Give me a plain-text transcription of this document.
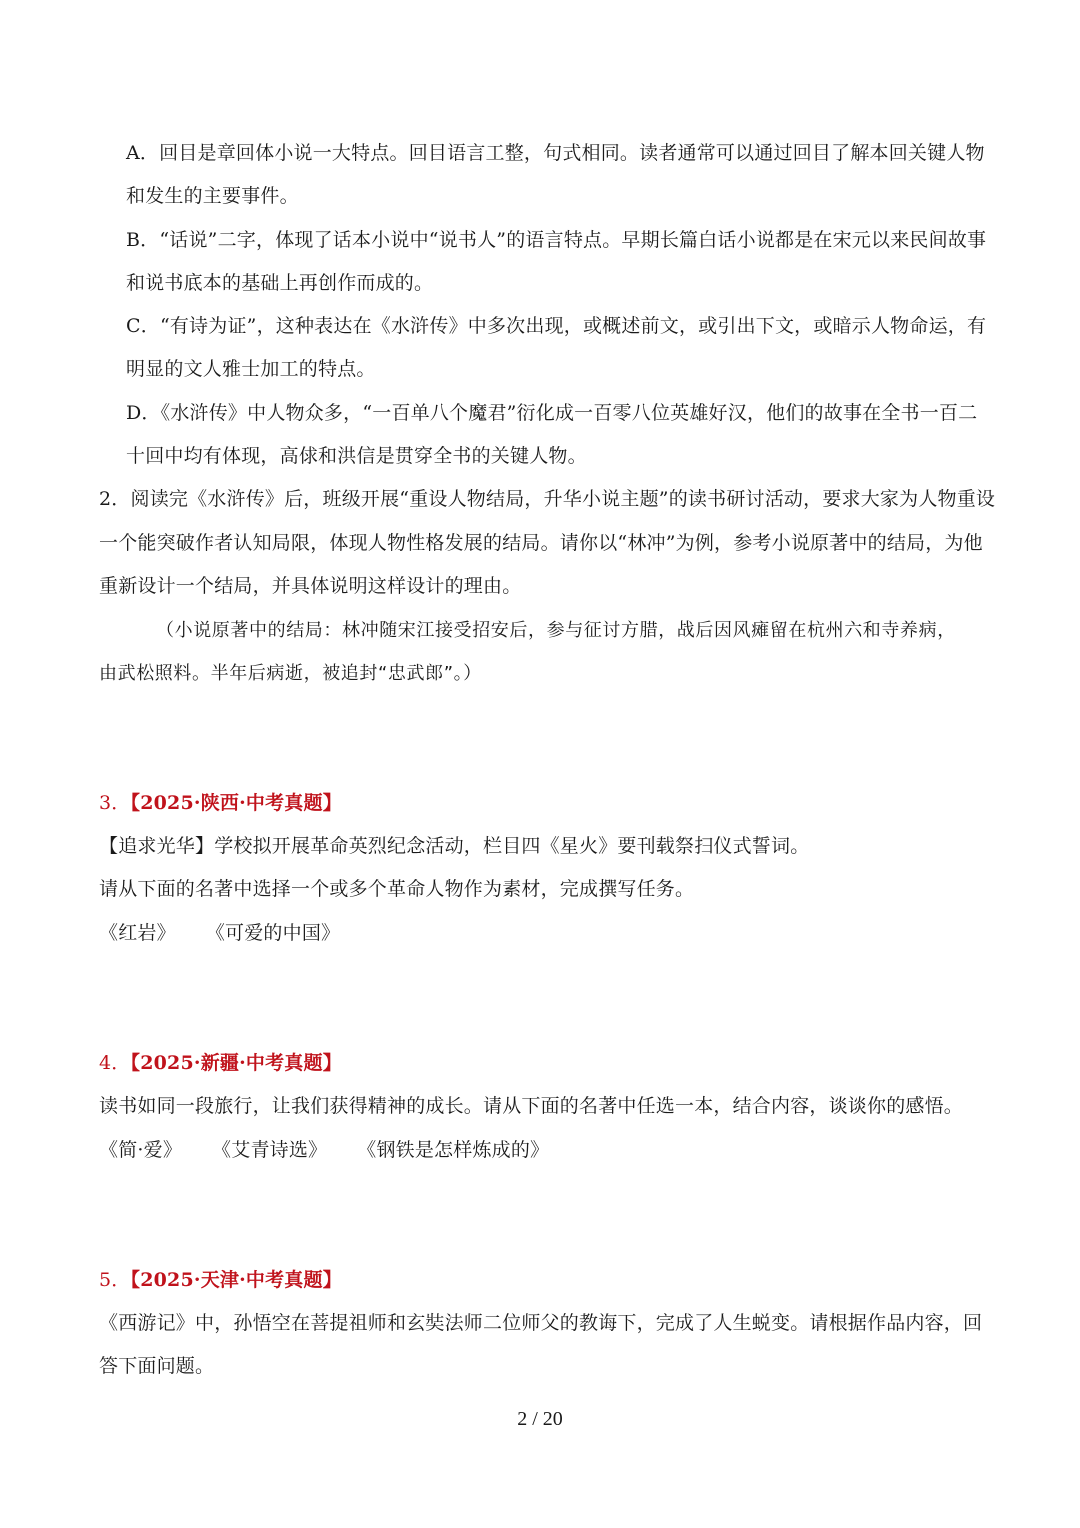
A．回目是章回体小说一大特点。回目语言工整，句式相同。读者通常可以通过回目了解本回关键人物
和发生的主要事件。
B．“话说”二字，体现了话本小说中“说书人”的语言特点。早期长篇白话小说都是在宋元以来民间故事
和说书底本的基础上再创作而成的。
C．“有诗为证”，这种表达在《水浒传》中多次出现，或概述前文，或引出下文，或暗示人物命运，有
明显的文人雅士加工的特点。
D．《水浒传》中人物众多，“一百单八个魔君”衍化成一百零八位英雄好汉，他们的故事在全书一百二
十回中均有体现，高俅和洪信是贯穿全书的关键人物。
2．阅读完《水浒传》后，班级开展“重设人物结局，升华小说主题”的读书研讨活动，要求大家为人物重设
一个能突破作者认知局限，体现人物性格发展的结局。请你以“林冲”为例，参考小说原著中的结局，为他
重新设计一个结局，并具体说明这样设计的理由。
（小说原著中的结局：林冲随宋江接受招安后，参与征讨方腊，战后因风瘫留在杭州六和寺养病，
由武松照料。半年后病逝，被追封“忠武郎”。）
3．【2025·陕西·中考真题】
【追求光华】学校拟开展革命英烈纪念活动，栏目四《星火》要刊载祭扫仪式誓词。
请从下面的名著中选择一个或多个革命人物作为素材，完成撰写任务。
《红岩》 《可爱的中国》
4．【2025·新疆·中考真题】
读书如同一段旅行，让我们获得精神的成长。请从下面的名著中任选一本，结合内容，谈谈你的感悟。
《简·爱》 《艾青诗选》 《钢铁是怎样炼成的》
5．【2025·天津·中考真题】
《西游记》中，孙悟空在菩提祖师和玄奘法师二位师父的教诲下，完成了人生蜕变。请根据作品内容，回
答下面问题。
2 / 20
